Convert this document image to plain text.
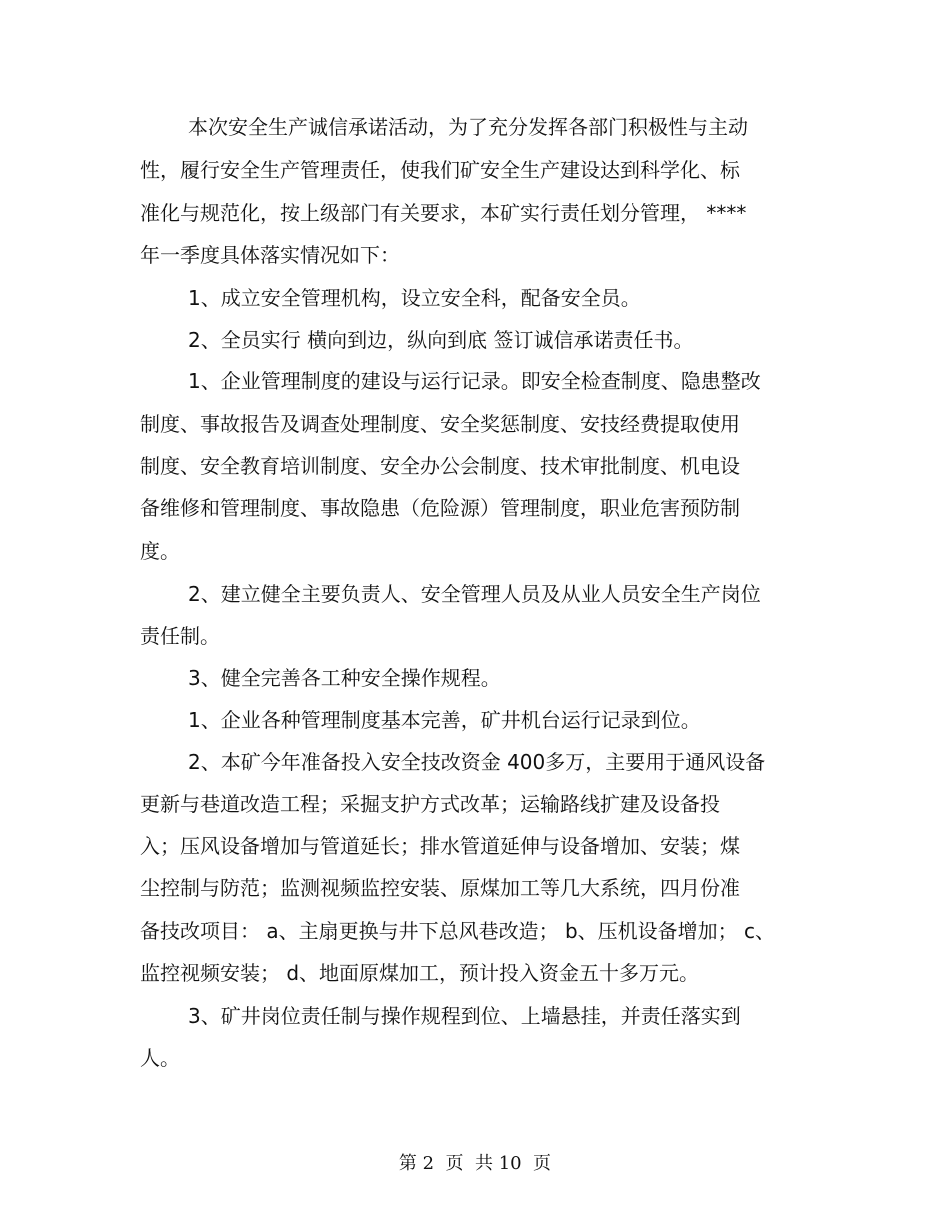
本次安全生产诚信承诺活动，为了充分发挥各部门积极性与主动
性，履行安全生产管理责任，使我们矿安全生产建设达到科学化、标
准化与规范化，按上级部门有关要求，本矿实行责任划分管理， ****
年一季度具体落实情况如下：
1、成立安全管理机构，设立安全科，配备安全员。
2、全员实行 横向到边，纵向到底 签订诚信承诺责任书。
1、企业管理制度的建设与运行记录。即安全检查制度、隐患整改
制度、事故报告及调查处理制度、安全奖惩制度、安技经费提取使用
制度、安全教育培训制度、安全办公会制度、技术审批制度、机电设
备维修和管理制度、事故隐患（危险源）管理制度，职业危害预防制
度。
2、建立健全主要负责人、安全管理人员及从业人员安全生产岗位
责任制。
3、健全完善各工种安全操作规程。
1、企业各种管理制度基本完善，矿井机台运行记录到位。
2、本矿今年准备投入安全技改资金 400多万，主要用于通风设备
更新与巷道改造工程；采掘支护方式改革；运输路线扩建及设备投
入；压风设备增加与管道延长；排水管道延伸与设备增加、安装；煤
尘控制与防范；监测视频监控安装、原煤加工等几大系统，四月份准
备技改项目： a、主扇更换与井下总风巷改造； b、压机设备增加； c、
监控视频安装； d、地面原煤加工，预计投入资金五十多万元。
3、矿井岗位责任制与操作规程到位、上墙悬挂，并责任落实到
人。
第 2  页  共 10  页
